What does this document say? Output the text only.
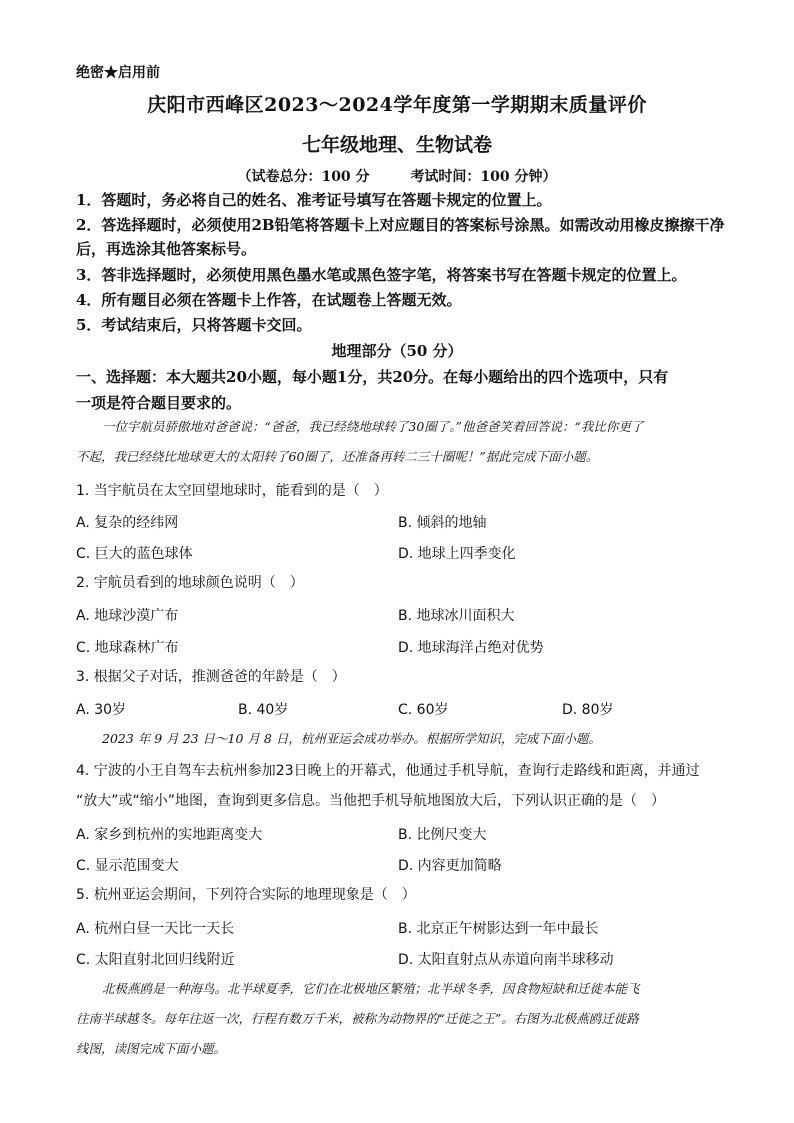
绝密★启用前
庆阳市西峰区2023～2024学年度第一学期期末质量评价
七年级地理、生物试卷
（试卷总分：100 分	考试时间：100 分钟）
1．答题时，务必将自己的姓名、准考证号填写在答题卡规定的位置上。
2．答选择题时，必须使用2B铅笔将答题卡上对应题目的答案标号涂黑。如需改动用橡皮擦擦干净后，再选涂其他答案标号。
3．答非选择题时，必须使用黑色墨水笔或黑色签字笔，将答案书写在答题卡规定的位置上。
4．所有题目必须在答题卡上作答，在试题卷上答题无效。
5．考试结束后，只将答题卡交回。
地理部分（50 分）
一、选择题：本大题共20小题，每小题1分，共20分。在每小题给出的四个选项中，只有
一项是符合题目要求的。
一位宇航员骄傲地对爸爸说：“爸爸，我已经绕地球转了30圈了。”他爸爸笑着回答说：“我比你更了
不起，我已经绕比地球更大的太阳转了60圈了，还准备再转二三十圈呢！”据此完成下面小题。
1. 当宇航员在太空回望地球时，能看到的是（　）
A. 复杂的经纬网	B. 倾斜的地轴
C. 巨大的蓝色球体	D. 地球上四季变化
2. 宇航员看到的地球颜色说明（　）
A. 地球沙漠广布	B. 地球冰川面积大
C. 地球森林广布	D. 地球海洋占绝对优势
3. 根据父子对话，推测爸爸的年龄是（　）
A. 30岁	B. 40岁	C. 60岁	D. 80岁
2023 年 9 月 23 日～10 月 8 日，杭州亚运会成功举办。根据所学知识，完成下面小题。
4. 宁波的小王自驾车去杭州参加23日晚上的开幕式，他通过手机导航，查询行走路线和距离，并通过
“放大”或“缩小”地图，查询到更多信息。当他把手机导航地图放大后，下列认识正确的是（　）
A. 家乡到杭州的实地距离变大	B. 比例尺变大
C. 显示范围变大	D. 内容更加简略
5. 杭州亚运会期间，下列符合实际的地理现象是（　）
A. 杭州白昼一天比一天长	B. 北京正午树影达到一年中最长
C. 太阳直射北回归线附近	D. 太阳直射点从赤道向南半球移动
北极燕鸥是一种海鸟。北半球夏季，它们在北极地区繁殖；北半球冬季，因食物短缺和迁徙本能飞
往南半球越冬。每年往返一次，行程有数万千米，被称为动物界的“迁徙之王”。右图为北极燕鸥迁徙路
线图，读图完成下面小题。
